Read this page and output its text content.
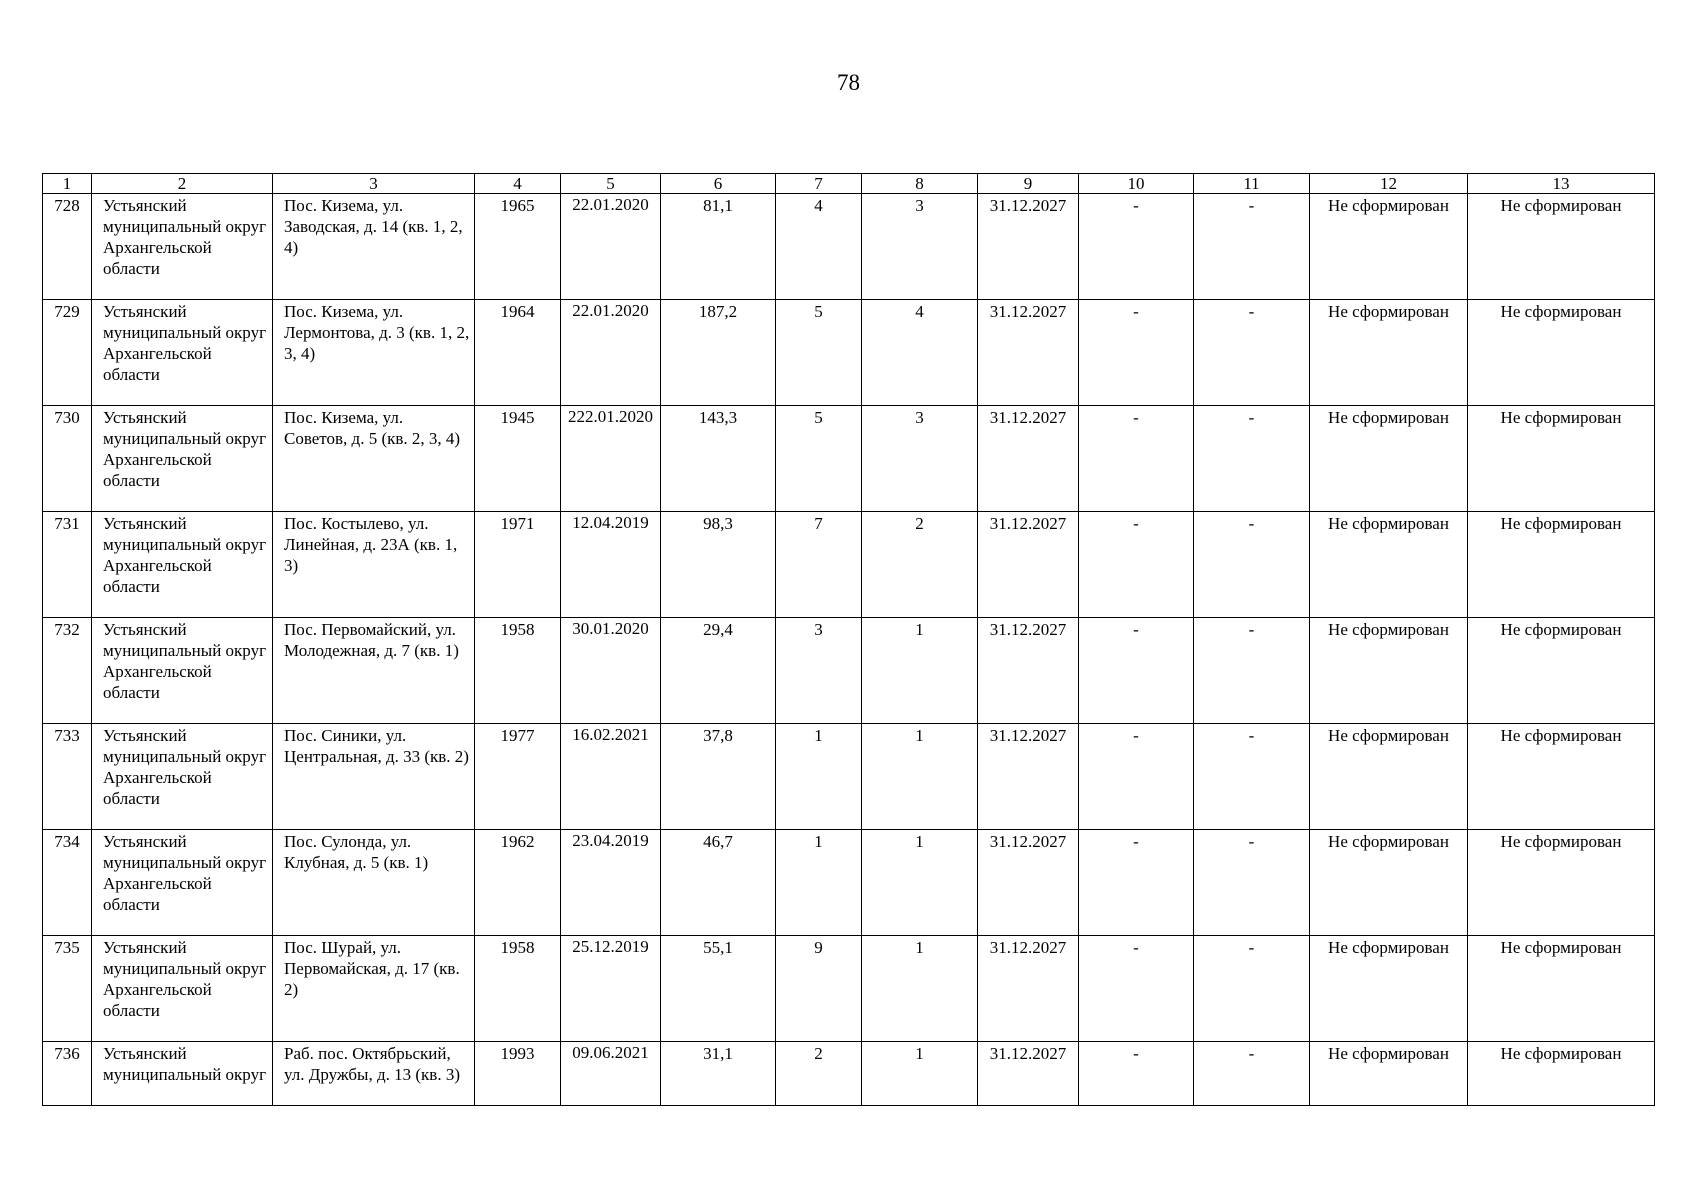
78
1	2	3	4	5	6	7	8	9	10	11	12	13
728	Устьянский муниципальный округ Архангельской области	Пос. Кизема, ул. Заводская, д. 14 (кв. 1, 2, 4)	1965	22.01.2020	81,1	4	3	31.12.2027	-	-	Не сформирован	Не сформирован
729	Устьянский муниципальный округ Архангельской области	Пос. Кизема, ул. Лермонтова, д. 3 (кв. 1, 2, 3, 4)	1964	22.01.2020	187,2	5	4	31.12.2027	-	-	Не сформирован	Не сформирован
730	Устьянский муниципальный округ Архангельской области	Пос. Кизема, ул. Советов, д. 5 (кв. 2, 3, 4)	1945	222.01.2020	143,3	5	3	31.12.2027	-	-	Не сформирован	Не сформирован
731	Устьянский муниципальный округ Архангельской области	Пос. Костылево, ул. Линейная, д. 23А (кв. 1, 3)	1971	12.04.2019	98,3	7	2	31.12.2027	-	-	Не сформирован	Не сформирован
732	Устьянский муниципальный округ Архангельской области	Пос. Первомайский, ул. Молодежная, д. 7 (кв. 1)	1958	30.01.2020	29,4	3	1	31.12.2027	-	-	Не сформирован	Не сформирован
733	Устьянский муниципальный округ Архангельской области	Пос. Синики, ул. Центральная, д. 33 (кв. 2)	1977	16.02.2021	37,8	1	1	31.12.2027	-	-	Не сформирован	Не сформирован
734	Устьянский муниципальный округ Архангельской области	Пос. Сулонда, ул. Клубная, д. 5 (кв. 1)	1962	23.04.2019	46,7	1	1	31.12.2027	-	-	Не сформирован	Не сформирован
735	Устьянский муниципальный округ Архангельской области	Пос. Шурай, ул. Первомайская, д. 17 (кв. 2)	1958	25.12.2019	55,1	9	1	31.12.2027	-	-	Не сформирован	Не сформирован
736	Устьянский муниципальный округ	Раб. пос. Октябрьский, ул. Дружбы, д. 13 (кв. 3)	1993	09.06.2021	31,1	2	1	31.12.2027	-	-	Не сформирован	Не сформирован
